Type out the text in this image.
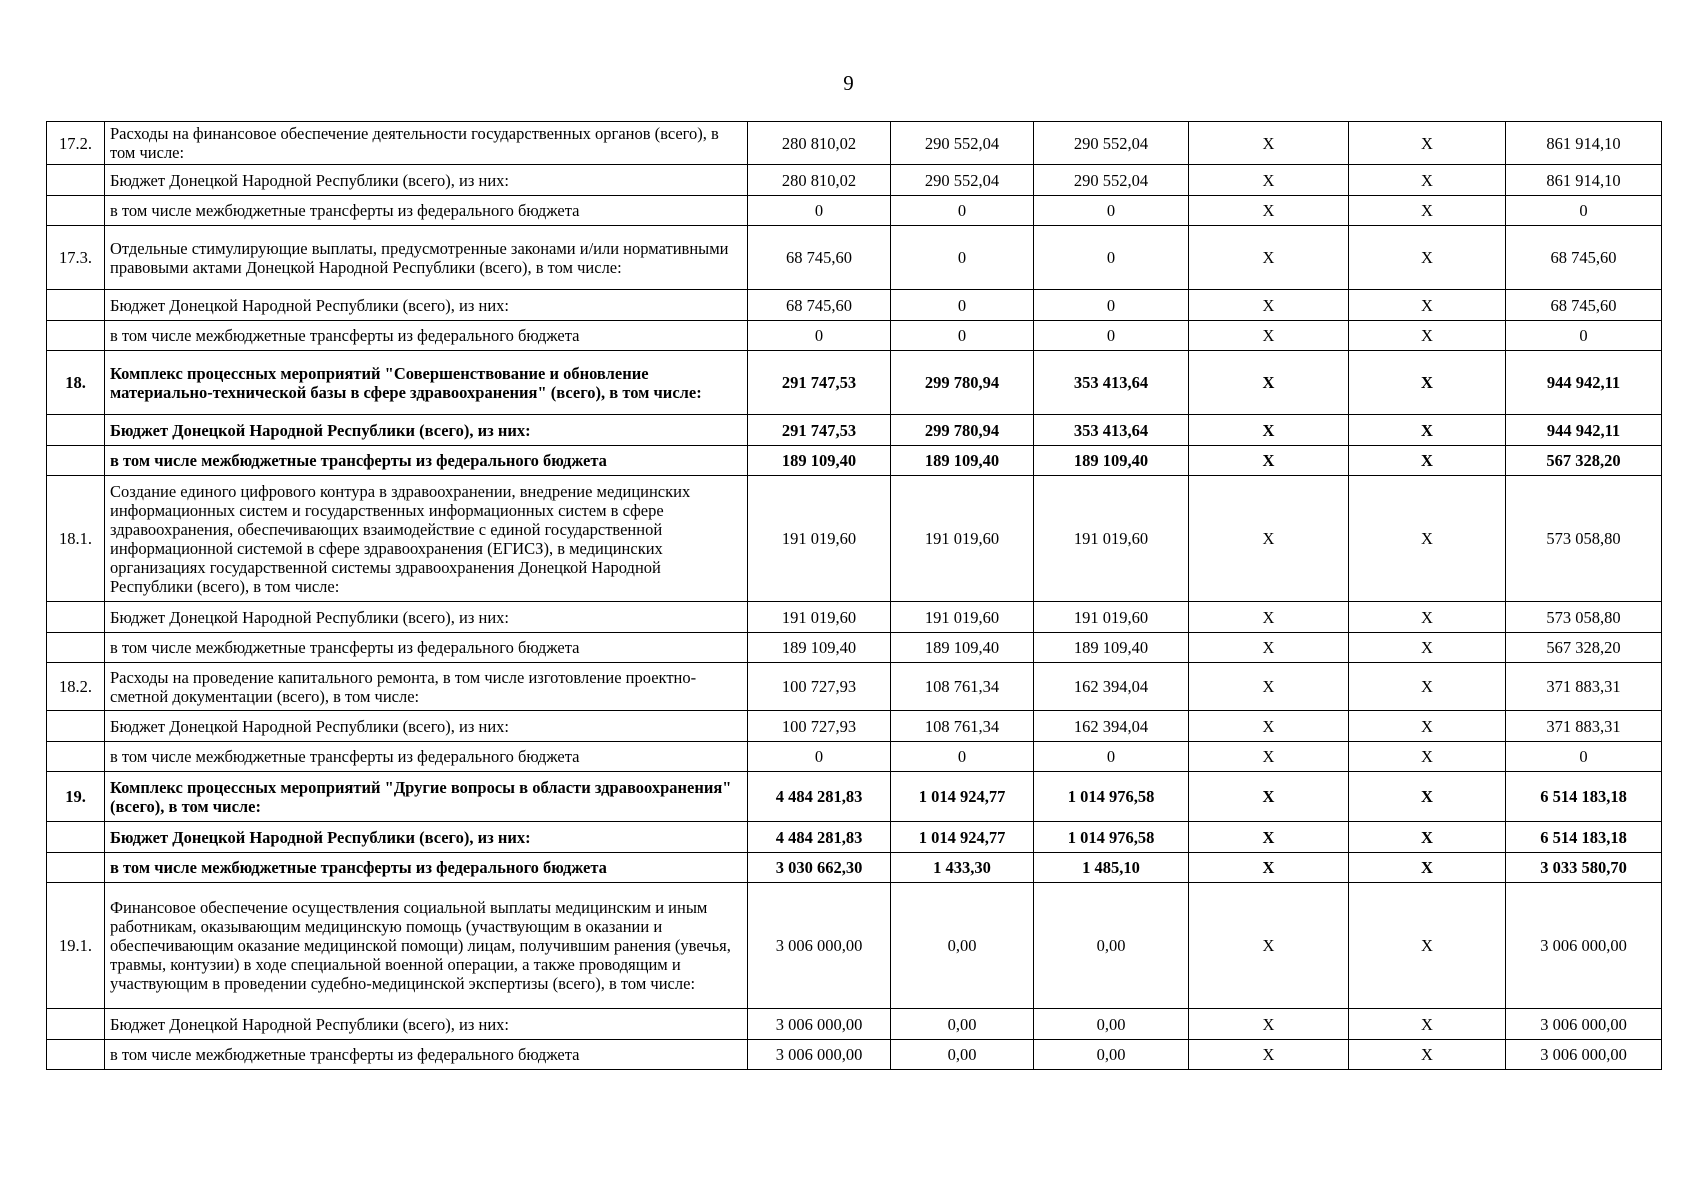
9
17.2.	Расходы на финансовое обеспечение деятельности государственных органов (всего), в том числе:	280 810,02	290 552,04	290 552,04	X	X	861 914,10
	Бюджет Донецкой Народной Республики (всего), из них:	280 810,02	290 552,04	290 552,04	X	X	861 914,10
	в том числе межбюджетные трансферты из федерального бюджета	0	0	0	X	X	0
17.3.	Отдельные стимулирующие выплаты, предусмотренные законами и/или нормативными правовыми актами Донецкой Народной Республики (всего), в том числе:	68 745,60	0	0	X	X	68 745,60
	Бюджет Донецкой Народной Республики (всего), из них:	68 745,60	0	0	X	X	68 745,60
	в том числе межбюджетные трансферты из федерального бюджета	0	0	0	X	X	0
18.	Комплекс процессных мероприятий "Совершенствование и обновление материально-технической базы в сфере здравоохранения" (всего), в том числе:	291 747,53	299 780,94	353 413,64	X	X	944 942,11
	Бюджет Донецкой Народной Республики (всего), из них:	291 747,53	299 780,94	353 413,64	X	X	944 942,11
	в том числе межбюджетные трансферты из федерального бюджета	189 109,40	189 109,40	189 109,40	X	X	567 328,20
18.1.	Создание единого цифрового контура в здравоохранении, внедрение медицинских информационных систем и государственных информационных систем в сфере здравоохранения, обеспечивающих взаимодействие с единой государственной информационной системой в сфере здравоохранения (ЕГИСЗ), в медицинских организациях государственной системы здравоохранения Донецкой Народной Республики (всего), в том числе:	191 019,60	191 019,60	191 019,60	X	X	573 058,80
	Бюджет Донецкой Народной Республики (всего), из них:	191 019,60	191 019,60	191 019,60	X	X	573 058,80
	в том числе межбюджетные трансферты из федерального бюджета	189 109,40	189 109,40	189 109,40	X	X	567 328,20
18.2.	Расходы на проведение капитального ремонта, в том числе изготовление проектно-сметной документации (всего), в том числе:	100 727,93	108 761,34	162 394,04	X	X	371 883,31
	Бюджет Донецкой Народной Республики (всего), из них:	100 727,93	108 761,34	162 394,04	X	X	371 883,31
	в том числе межбюджетные трансферты из федерального бюджета	0	0	0	X	X	0
19.	Комплекс процессных мероприятий "Другие вопросы в области здравоохранения" (всего), в том числе:	4 484 281,83	1 014 924,77	1 014 976,58	X	X	6 514 183,18
	Бюджет Донецкой Народной Республики (всего), из них:	4 484 281,83	1 014 924,77	1 014 976,58	X	X	6 514 183,18
	в том числе межбюджетные трансферты из федерального бюджета	3 030 662,30	1 433,30	1 485,10	X	X	3 033 580,70
19.1.	Финансовое обеспечение осуществления социальной выплаты медицинским и иным работникам, оказывающим медицинскую помощь (участвующим в оказании и обеспечивающим оказание медицинской помощи) лицам, получившим ранения (увечья, травмы, контузии) в ходе специальной военной операции, а также проводящим и участвующим в проведении судебно-медицинской экспертизы (всего), в том числе:	3 006 000,00	0,00	0,00	X	X	3 006 000,00
	Бюджет Донецкой Народной Республики (всего), из них:	3 006 000,00	0,00	0,00	X	X	3 006 000,00
	в том числе межбюджетные трансферты из федерального бюджета	3 006 000,00	0,00	0,00	X	X	3 006 000,00
